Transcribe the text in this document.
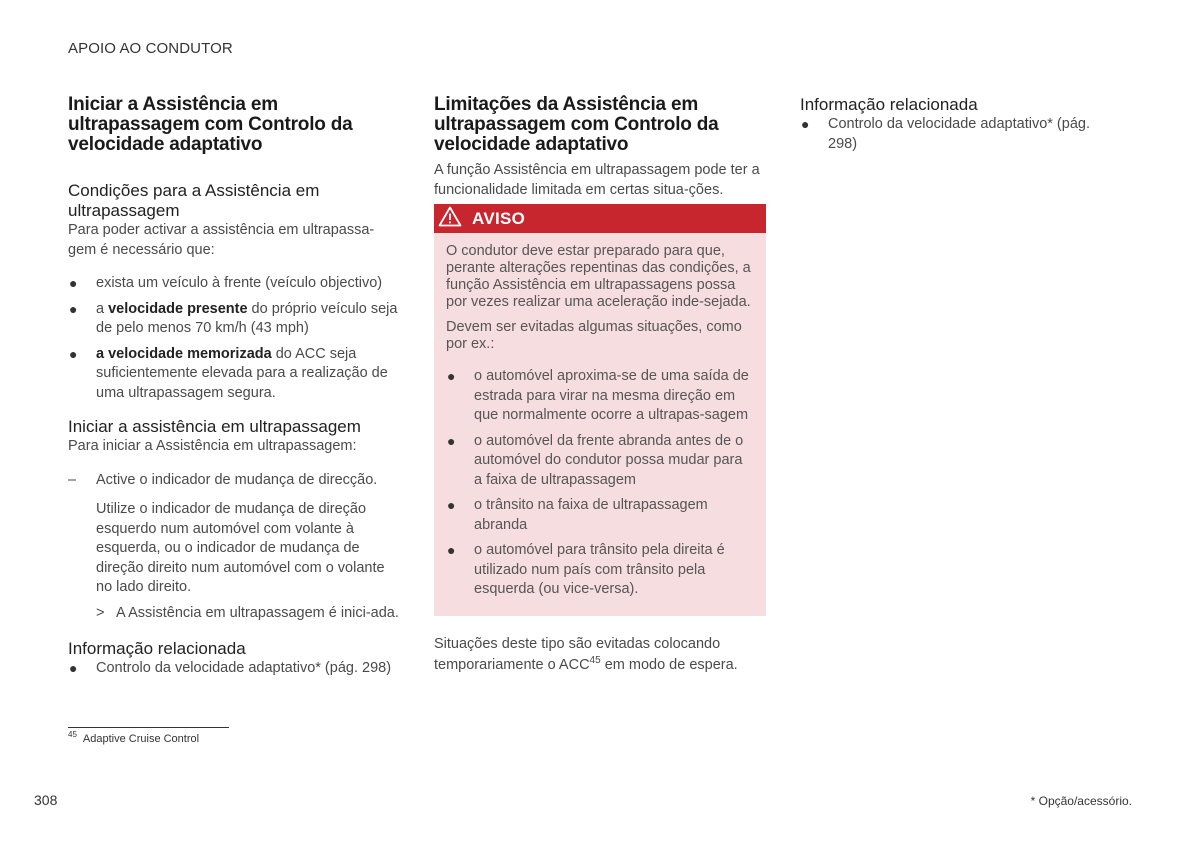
APOIO AO CONDUTOR
Iniciar a Assistência em ultrapassagem com Controlo da velocidade adaptativo
Condições para a Assistência em ultrapassagem

Para poder activar a assistência em ultrapassa-gem é necessário que:

● exista um veículo à frente (veículo objectivo)
● a velocidade presente do próprio veículo seja de pelo menos 70 km/h (43 mph)
● a velocidade memorizada do ACC seja suficientemente elevada para a realização de uma ultrapassagem segura.
Iniciar a assistência em ultrapassagem

Para iniciar a Assistência em ultrapassagem:

– Active o indicador de mudança de direcção.

Utilize o indicador de mudança de direção esquerdo num automóvel com volante à esquerda, ou o indicador de mudança de direção direito num automóvel com o volante no lado direito.

> A Assistência em ultrapassagem é inici-ada.
Informação relacionada
● Controlo da velocidade adaptativo* (pág. 298)
Limitações da Assistência em ultrapassagem com Controlo da velocidade adaptativo

A função Assistência em ultrapassagem pode ter a funcionalidade limitada em certas situa-ções.

AVISO

O condutor deve estar preparado para que, perante alterações repentinas das condições, a função Assistência em ultrapassagens possa por vezes realizar uma aceleração inde-sejada.

Devem ser evitadas algumas situações, como por ex.:

● o automóvel aproxima-se de uma saída de estrada para virar na mesma direção em que normalmente ocorre a ultrapas-sagem
● o automóvel da frente abranda antes de o automóvel do condutor possa mudar para a faixa de ultrapassagem
● o trânsito na faixa de ultrapassagem abranda
● o automóvel para trânsito pela direita é utilizado num país com trânsito pela esquerda (ou vice-versa).

Situações deste tipo são evitadas colocando temporariamente o ACC$^{45}$ em modo de espera.

Informação relacionada
● Controlo da velocidade adaptativo* (pág. 298)
$^{45}$ Adaptive Cruise Control
308	* Opção/acessório.
